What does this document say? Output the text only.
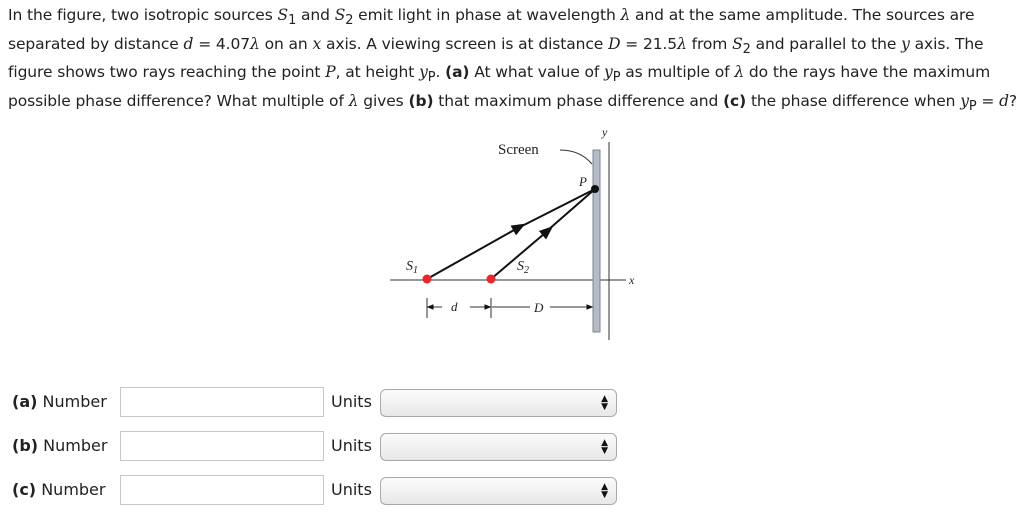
In the figure, two isotropic sources $S_1$ and $S_2$ emit light in phase at wavelength λ and at the same amplitude. The sources are separated by distance d = 4.07λ on an x axis. A viewing screen is at distance D = 21.5λ from $S_2$ and parallel to the y axis. The figure shows two rays reaching the point P, at height $y_P$. (a) At what value of $y_P$ as multiple of λ do the rays have the maximum possible phase difference? What multiple of λ gives (b) that maximum phase difference and (c) the phase difference when $y_P = d$?
Screen
y
x
P
$S_1$	$S_2$
d	D
(a) Number	Units	▲
▼
(b) Number	Units	▲
▼
(c) Number	Units	▲
▼
